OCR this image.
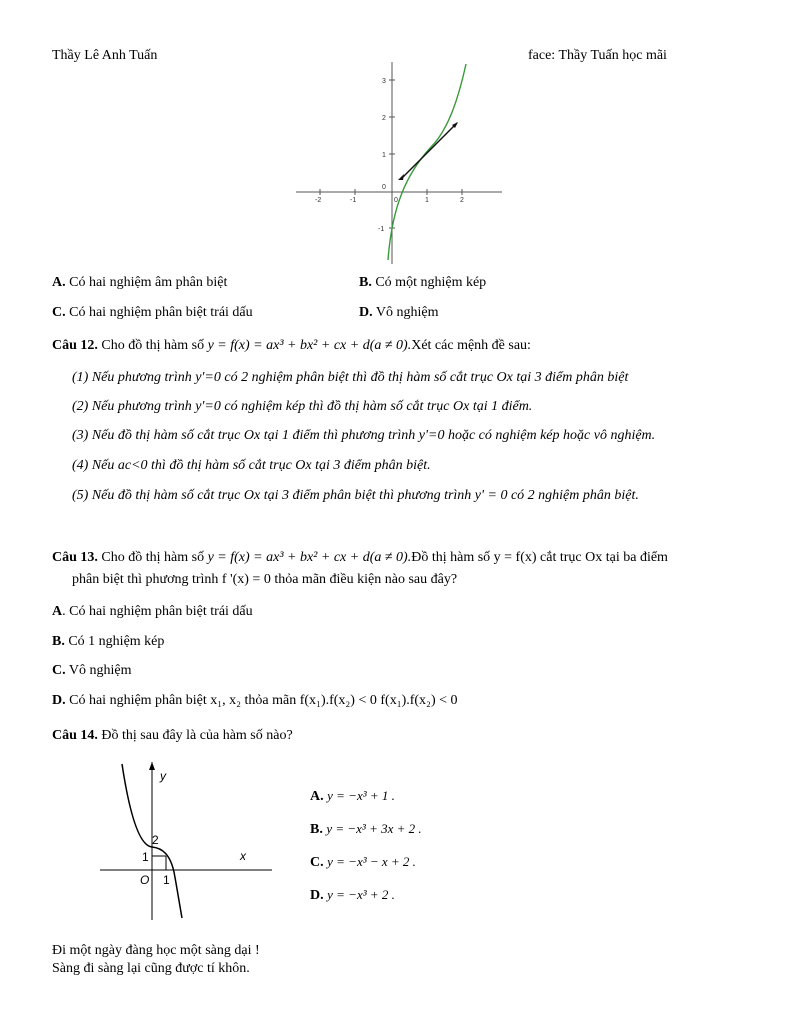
Thầy Lê Anh Tuấn	face: Thầy Tuấn học mãi
-2	-1	0	1	2
3
2
1
0
-1
A. Có hai nghiệm âm phân biệt	B. Có một nghiệm kép
C. Có hai nghiệm phân biệt trái dấu	D. Vô nghiệm
Câu 12. Cho đồ thị hàm số y = f(x) = ax³ + bx² + cx + d(a ≠ 0).Xét các mệnh đề sau:
(1) Nếu phương trình y'=0 có 2 nghiệm phân biệt thì đồ thị hàm số cắt trục Ox tại 3 điểm phân biệt
(2) Nếu phương trình y'=0 có nghiệm kép thì đồ thị hàm số cắt trục Ox tại 1 điểm.
(3) Nếu đồ thị hàm số cắt trục Ox tại 1 điểm thì phương trình y'=0 hoặc có nghiệm kép hoặc vô nghiệm.
(4) Nếu ac<0 thì đồ thị hàm số cắt trục Ox tại 3 điểm phân biệt.
(5) Nếu đồ thị hàm số cắt trục Ox tại 3 điểm phân biệt thì phương trình y' = 0 có 2 nghiệm phân biệt.
Câu 13. Cho đồ thị hàm số y = f(x) = ax³ + bx² + cx + d(a ≠ 0).Đồ thị hàm số y = f(x) cắt trục Ox tại ba điểm
phân biệt thì phương trình f '(x) = 0 thỏa mãn điều kiện nào sau đây?
A. Có hai nghiệm phân biệt trái dấu
B. Có 1 nghiệm kép
C. Vô nghiệm
D. Có hai nghiệm phân biệt x₁, x₂ thỏa mãn f(x₁).f(x₂) < 0 f(x₁).f(x₂) < 0
Câu 14. Đồ thị sau đây là của hàm số nào?
y
x
O
2
1
1
A. y = −x³ + 1 .
B. y = −x³ + 3x + 2 .
C. y = −x³ − x + 2 .
D. y = −x³ + 2 .
Đi một ngày đàng học một sàng dại !
Sàng đi sàng lại cũng được tí khôn.
